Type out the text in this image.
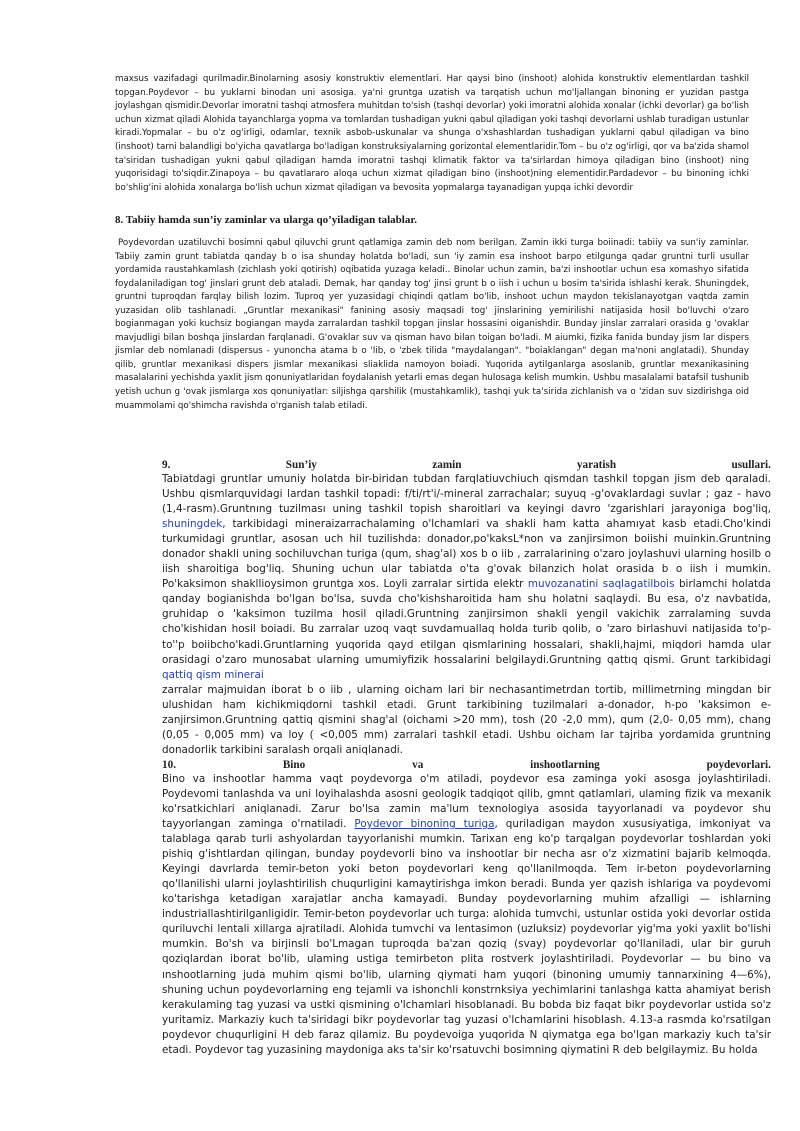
maxsus vazifadagi qurilmadir.Binolarning asosiy konstruktiv elementlari. Har qaysi bino (inshoot) alohida konstruktiv elementlardan tashkil topgan.Poydevor – bu yuklarni binodan uni asosiga. ya'ni gruntga uzatish va tarqatish uchun mo'ljallangan binoning er yuzidan pastga joylashgan qismidir.Devorlar imoratni tashqi atmosfera muhitdan to'sish (tashqi devorlar) yoki imoratni alohida xonalar (ichki devorlar) ga bo'lish uchun xizmat qiladi Alohida tayanchlarga yopma va tomlardan tushadigan yukni qabul qiladigan yoki tashqi devorlarni ushlab turadigan ustunlar kiradi.Yopmalar – bu o'z og'irligi, odamlar, texnik asbob-uskunalar va shunga o'xshashlardan tushadigan yuklarni qabul qiladigan va bino (inshoot) tarni balandligi bo'yicha qavatlarga bo'ladigan konstruksiyalarning gorizontal elementlaridir.Tom – bu o'z og'irligi, qor va ba'zida shamol ta'siridan tushadigan yukni qabul qiladigan hamda imoratni tashqi klimatik faktor va ta'sirlardan himoya qiladigan bino (inshoot) ning yuqorisidagi to'siqdir.Zinapoya – bu qavatlararo aloqa uchun xizmat qiladigan bino (inshoot)ning elementidir.Pardadevor – bu binoning ichki bo'shlig'ini alohida xonalarga bo'lish uchun xizmat qiladigan va bevosita yopmalarga tayanadigan yupqa ichki devordir
8. Tabiiy hamda sun’iy zaminlar va ularga qo’yiladigan talablar.
Poydevordan uzatiluvchi bosimni qabul qiluvchi grunt qatlamiga zamin deb nom berilgan. Zamin ikki turga boiinadi: tabiiy va sun'iy zaminlar. Tabiiy zamin grunt tabiatda qanday b o isa shunday holatda bo'ladi, sun 'iy zamin esa inshoot barpo etilgunga qadar gruntni turli usullar yordamida raustahkamlash (zichlash yoki qotirish) oqibatida yuzaga keladi.. Binolar uchun zamin, ba'zi inshootlar uchun esa xomashyo sifatida foydalaniladigan tog' jinslari grunt deb ataladi. Demak, har qanday tog' jinsi grunt b o iish i uchun u bosim ta'sirida ishlashi kerak. Shuningdek, gruntni tuproqdan farqlay bilish lozim. Tuproq yer yuzasidagi chiqindi qatlam bo'lib, inshoot uchun maydon tekislanayotgan vaqtda zamin yuzasidan olib tashlanadi. „Gruntlar mexanikasi" fanining asosiy maqsadi tog' jinslarining yemirilishi natijasida hosil bo'luvchi o'zaro bogianmagan yoki kuchsiz bogiangan mayda zarralardan tashkil topgan jinslar hossasini oiganishdir. Bunday jinslar zarralari orasida g 'ovaklar mavjudligi bilan boshqa jinslardan farqlanadi. G'ovaklar suv va qisman havo bilan toigan bo'ladi. M aiumki, fizika fanida bunday jism lar dispers jismlar deb nomlanadi (dispersus - yunoncha atama b o 'lib, o 'zbek tilida "maydalangan". "boiaklangan" degan ma'noni anglatadi). Shunday qilib, gruntlar mexanikasi dispers jismlar mexanikasi sliaklida namoyon boiadi. Yuqorida aytilganlarga asoslanib, gruntlar mexanikasining masalalarini yechishda yaxlit jism qonuniyatlaridan foydalanish yetarli emas degan hulosaga kelish mumkin. Ushbu masalalami batafsil tushunib yetish uchun g 'ovak jismlarga xos qonuniyatlar: siljishga qarshilik (mustahkamlik), tashqi yuk ta'sirida zichlanish va o 'zidan suv sizdirishga oid muammolami qo'shimcha ravishda o'rganish talab etiladi.
9.	Sun’iy	zamin	yaratish	usullari.

Tabiatdagi gruntlar umuniy holatda bir-biridan tubdan farqlatiuvchiuch qismdan tashkil topgan jism deb qaraladi. Ushbu qismlarquvidagi lardan tashkil topadi: f/ti/rt'i/-mineral zarrachalar; suyuq -g'ovaklardagi suvlar ; gaz - havo (1,4-rasm).Gruntnıng tuzilması uning tashkil topish sharoitlari va keyingi davro 'zgarishlari jarayoniga bog'liq, shuningdek, tarkibidagi mineraizarrachalaming o'lchamlari va shakli ham katta ahamıyat kasb etadi.Cho'kindi turkumidagi gruntlar, asosan uch hil tuzilishda: donador,po'kaksL*non va zanjirsimon boiishi muinkin.Gruntning donador shakli uning sochiluvchan turiga (qum, shag'al) xos b o iib , zarralarining o'zaro joylashuvi ularning hosilb o iish sharoitiga bog'liq. Shuning uchun ular tabiatda o'ta g'ovak bilanzich holat orasida b o iish i mumkin. Po'kaksimon shakllioysimon gruntga xos. Loyli zarralar sirtida elektr muvozanatini saqlagatilbois birlamchi holatda qanday bogianishda bo'lgan bo'lsa, suvda cho'kishsharoitida ham shu holatni saqlaydi. Bu esa, o'z navbatida, gruhidap o 'kaksimon tuzilma hosil qiladi.Gruntning zanjirsimon shakli yengil vakichik zarralaming suvda cho'kishidan hosil boiadi. Bu zarralar uzoq vaqt suvdamuallaq holda turib qolib, o 'zaro birlashuvi natijasida to'p-to''p boiibcho'kadi.Gruntlarning yuqorida qayd etilgan qismlarining hossalari, shakli,hajmi, miqdori hamda ular orasidagi o'zaro munosabat ularning umumiyfizik hossalarini belgilaydi.Gruntning qattıq qismi. Grunt tarkibidagi qattiq qism minerai

zarralar majmuidan iborat b o iib , ularning oicham lari bir nechasantimetrdan tortib, millimetrning mingdan bir ulushidan ham kichikmiqdorni tashkil etadi. Grunt tarkibining tuzilmalari a-donador, h-po 'kaksimon e-zanjirsimon.Gruntning qattiq qismini shag'al (oichami >20 mm), tosh (20 -2,0 mm), qum (2,0- 0,05 mm), chang (0,05 - 0,005 mm) va loy ( <0,005 mm) zarralari tashkil etadi. Ushbu oicham lar tajriba yordamida gruntning donadorlik tarkibini saralash orqali aniqlanadi.

10.	Bino	va	inshootlarning	poydevorlari.

Bino va inshootlar hamma vaqt poydevorga o'm atiladi, poydevor esa zaminga yoki asosga joylashtiriladi. Poydevomi tanlashda va uni loyihalashda asosni geologik tadqiqot qilib, gmnt qatlamlari, ulaming fizik va mexanik ko'rsatkichlari aniqlanadi. Zarur bo'lsa zamin ma'lum texnologiya asosida tayyorlanadi va poydevor shu tayyorlangan zaminga o'rnatiladi. Poydevor binoning turiga, quriladigan maydon xususiyatiga, imkoniyat va talablaga qarab turli ashyolardan tayyorlanishi mumkin. Tarixan eng ko'p tarqalgan poydevorlar toshlardan yoki pishiq g'ishtlardan qilingan, bunday poydevorli bino va inshootlar bir necha asr o'z xizmatini bajarib kelmoqda. Keyingi davrlarda temir-beton yoki beton poydevorlari keng qo'llanilmoqda. Tem ir-beton poydevorlarning qo'llanilishi ularni joylashtirilish chuqurligini kamaytirishga imkon beradi. Bunda yer qazish ishlariga va poydevomi ko'tarishga ketadigan xarajatlar ancha kamayadi. Bunday poydevorlarning muhim afzalligi — ishlarning industriallashtirilganligidir. Temir-beton poydevorlar uch turga: alohida tumvchi, ustunlar ostida yoki devorlar ostida quriluvchi lentali xillarga ajratiladi. Alohida tumvchi va lentasimon (uzluksiz) poydevorlar yig'ma yoki yaxlit bo'lishi mumkin. Bo'sh va birjinsli bo'Lmagan tuproqda ba'zan qoziq (svay) poydevorlar qo'llaniladi, ular bir guruh qoziqlardan iborat bo'lib, ulaming ustiga temirbeton plita rostverk joylashtiriladi. Poydevorlar — bu bino va ınshootlarning juda muhim qismi bo'lib, ularning qiymati ham yuqori (binoning umumiy tannarxining 4—6%), shuning uchun poydevorlarning eng tejamli va ishonchli konstrnksiya yechimlarini tanlashga katta ahamiyat berish kerakulaming tag yuzasi va ustki qismining o'lchamlari hisoblanadi. Bu bobda biz faqat bikr poydevorlar ustida so'z yuritamiz. Markaziy kuch ta'siridagi bikr poydevorlar tag yuzasi o'lchamlarini hisoblash. 4.13-a rasmda ko'rsatilgan poydevor chuqurligini H deb faraz qilamiz. Bu poydevoiga yuqorida N qiymatga ega bo'lgan markaziy kuch ta'sir etadi. Poydevor tag yuzasining maydoniga aks ta'sir ko'rsatuvchi bosimning qiymatini R deb belgilaymiz. Bu holda
